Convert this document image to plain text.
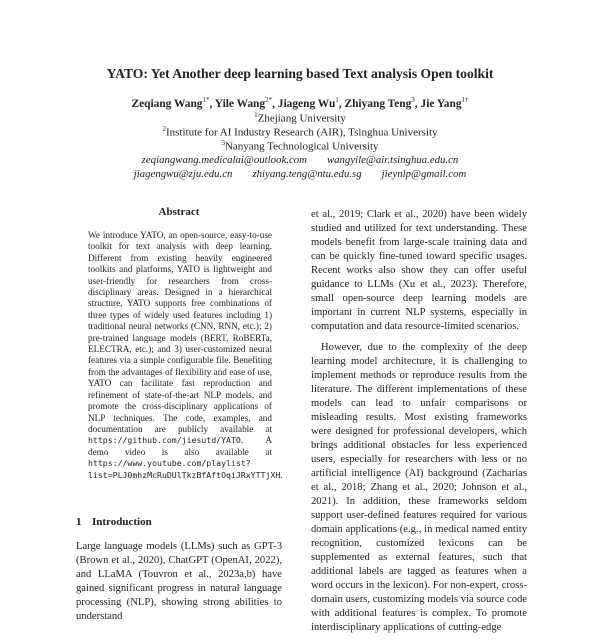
YATO: Yet Another deep learning based Text analysis Open toolkit
Zeqiang Wang$^{1*}$, Yile Wang$^{2*}$, Jiageng Wu$^1$, Zhiyang Teng$^3$, Jie Yang$^{1\dagger}$
$^1$Zhejiang University
$^2$Institute for AI Industry Research (AIR), Tsinghua University
$^3$Nanyang Technological University
zeqiangwang.medicalai@outlook.com wangyile@air.tsinghua.edu.cn
jiagengwu@zju.edu.cn zhiyang.teng@ntu.edu.sg jieynlp@gmail.com
Abstract
We introduce YATO, an open-source, easy-to-use toolkit for text analysis with deep learning. Different from existing heavily engineered toolkits and platforms, YATO is lightweight and user-friendly for researchers from cross-disciplinary areas. Designed in a hierarchical structure, YATO supports free combinations of three types of widely used features including 1) traditional neural networks (CNN, RNN, etc.); 2) pre-trained language models (BERT, RoBERTa, ELECTRA, etc.); and 3) user-customized neural features via a simple configurable file. Benefiting from the advantages of flexibility and ease of use, YATO can facilitate fast reproduction and refinement of state-of-the-art NLP models, and promote the cross-disciplinary applications of NLP techniques. The code, examples, and documentation are publicly available at https://github.com/jiesutd/YATO. A demo video is also available at https://www.youtube.com/playlist?list=PLJ0mhzMcRuDUlTkzBfAftOqiJRxYTTjXH.
1 Introduction
Large language models (LLMs) such as GPT-3 (Brown et al., 2020), ChatGPT (OpenAI, 2022), and LLaMA (Touvron et al., 2023a,b) have gained significant progress in natural language processing (NLP), showing strong abilities to understand

et al., 2019; Clark et al., 2020) have been widely studied and utilized for text understanding. These models benefit from large-scale training data and can be quickly fine-tuned toward specific usages. Recent works also show they can offer useful guidance to LLMs (Xu et al., 2023). Therefore, small open-source deep learning models are important in current NLP systems, especially in computation and data resource-limited scenarios.

However, due to the complexity of the deep learning model architecture, it is challenging to implement methods or reproduce results from the literature. The different implementations of these models can lead to unfair comparisons or misleading results. Most existing frameworks were designed for professional developers, which brings additional obstacles for less experienced users, especially for researchers with less or no artificial intelligence (AI) background (Zacharias et al., 2018; Zhang et al., 2020; Johnson et al., 2021). In addition, these frameworks seldom support user-defined features required for various domain applications (e.g., in medical named entity recognition, customized lexicons can be supplemented as external features, such that additional labels are tagged as features when a word occurs in the lexicon). For non-expert, cross-domain users, customizing models via source code with additional features is complex. To promote interdisciplinary applications of cutting-edge
